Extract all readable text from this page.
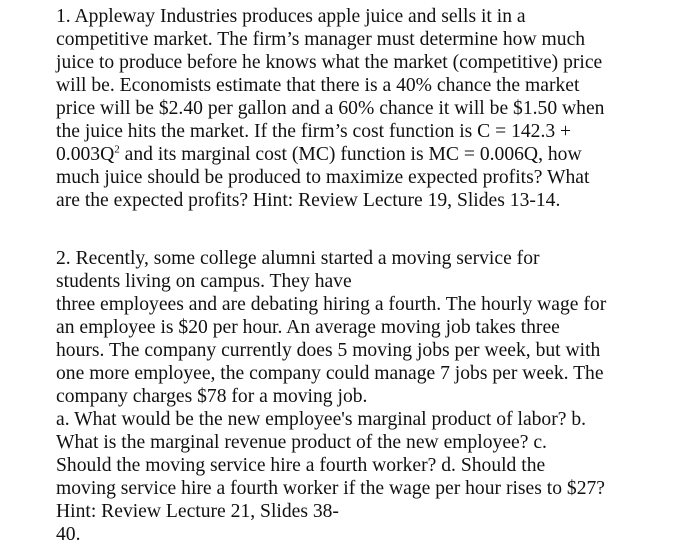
1. Appleway Industries produces apple juice and sells it in a
competitive market. The firm’s manager must determine how much
juice to produce before he knows what the market (competitive) price
will be. Economists estimate that there is a 40% chance the market
price will be $2.40 per gallon and a 60% chance it will be $1.50 when
the juice hits the market. If the firm’s cost function is C = 142.3 +
$0.003Q^2$ and its marginal cost (MC) function is MC = 0.006Q, how
much juice should be produced to maximize expected profits? What
are the expected profits? Hint: Review Lecture 19, Slides 13-14.
2. Recently, some college alumni started a moving service for
students living on campus. They have
three employees and are debating hiring a fourth. The hourly wage for
an employee is $20 per hour. An average moving job takes three
hours. The company currently does 5 moving jobs per week, but with
one more employee, the company could manage 7 jobs per week. The
company charges $78 for a moving job.
a. What would be the new employee's marginal product of labor? b.
What is the marginal revenue product of the new employee? c.
Should the moving service hire a fourth worker? d. Should the
moving service hire a fourth worker if the wage per hour rises to $27?
Hint: Review Lecture 21, Slides 38-
40.
